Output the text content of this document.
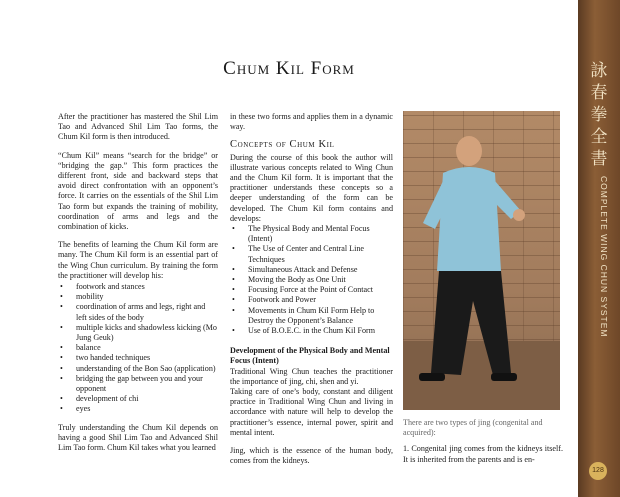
Chum Kil Form

After the practitioner has mastered the Shil Lim Tao and Advanced Shil Lim Tao forms, the Chum Kil form is then introduced.

“Chum Kil” means “search for the bridge” or “bridging the gap.” This form practices the different front, side and backward steps that avoid direct confrontation with an opponent’s force. It carries on the essentials of the Shil Lim Tao form but expands the training of mobility, coordination of arms and legs and the combination of kicks.

The benefits of learning the Chum Kil form are many. The Chum Kil form is an essential part of the Wing Chun curriculum. By training the form the practitioner will develop his:

• footwork and stances
• mobility
• coordination of arms and legs, right and left sides of the body
• multiple kicks and shadowless kicking (Mo Jung Geuk)
• balance
• two handed techniques
• understanding of the Bon Sao (application)
• bridging the gap between you and your opponent
• development of chi
• eyes

Truly understanding the Chum Kil depends on having a good Shil Lim Tao and Advanced Shil Lim Tao form. Chum Kil takes what you learned

in these two forms and applies them in a dynamic way.

Concepts of Chum Kil

During the course of this book the author will illustrate various concepts related to Wing Chun and the Chum Kil form. It is important that the practitioner understands these concepts so a deeper understanding of the form can be developed. The Chum Kil form contains and develops:

• The Physical Body and Mental Focus (Intent)
• The Use of Center and Central Line Techniques
• Simultaneous Attack and Defense
• Moving the Body as One Unit
• Focusing Force at the Point of Contact
• Footwork and Power
• Movements in Chum Kil Form Help to Destroy the Opponent’s Balance
• Use of B.O.E.C. in the Chum Kil Form
Development of the Physical Body and Mental Focus (Intent)

Traditional Wing Chun teaches the practitioner the importance of jing, chi, shen and yi.

Taking care of one’s body, constant and diligent practice in Traditional Wing Chun and living in accordance with nature will help to develop the practitioner’s essence, internal power, spirit and mental intent.

Jing, which is the essence of the human body, comes from the kidneys.

There are two types of jing (congenital and acquired):

1. Congenital jing comes from the kidneys itself. It is inherited from the parents and is en-

詠
春
拳
全
書
COMPLETE WING CHUN SYSTEM
128
